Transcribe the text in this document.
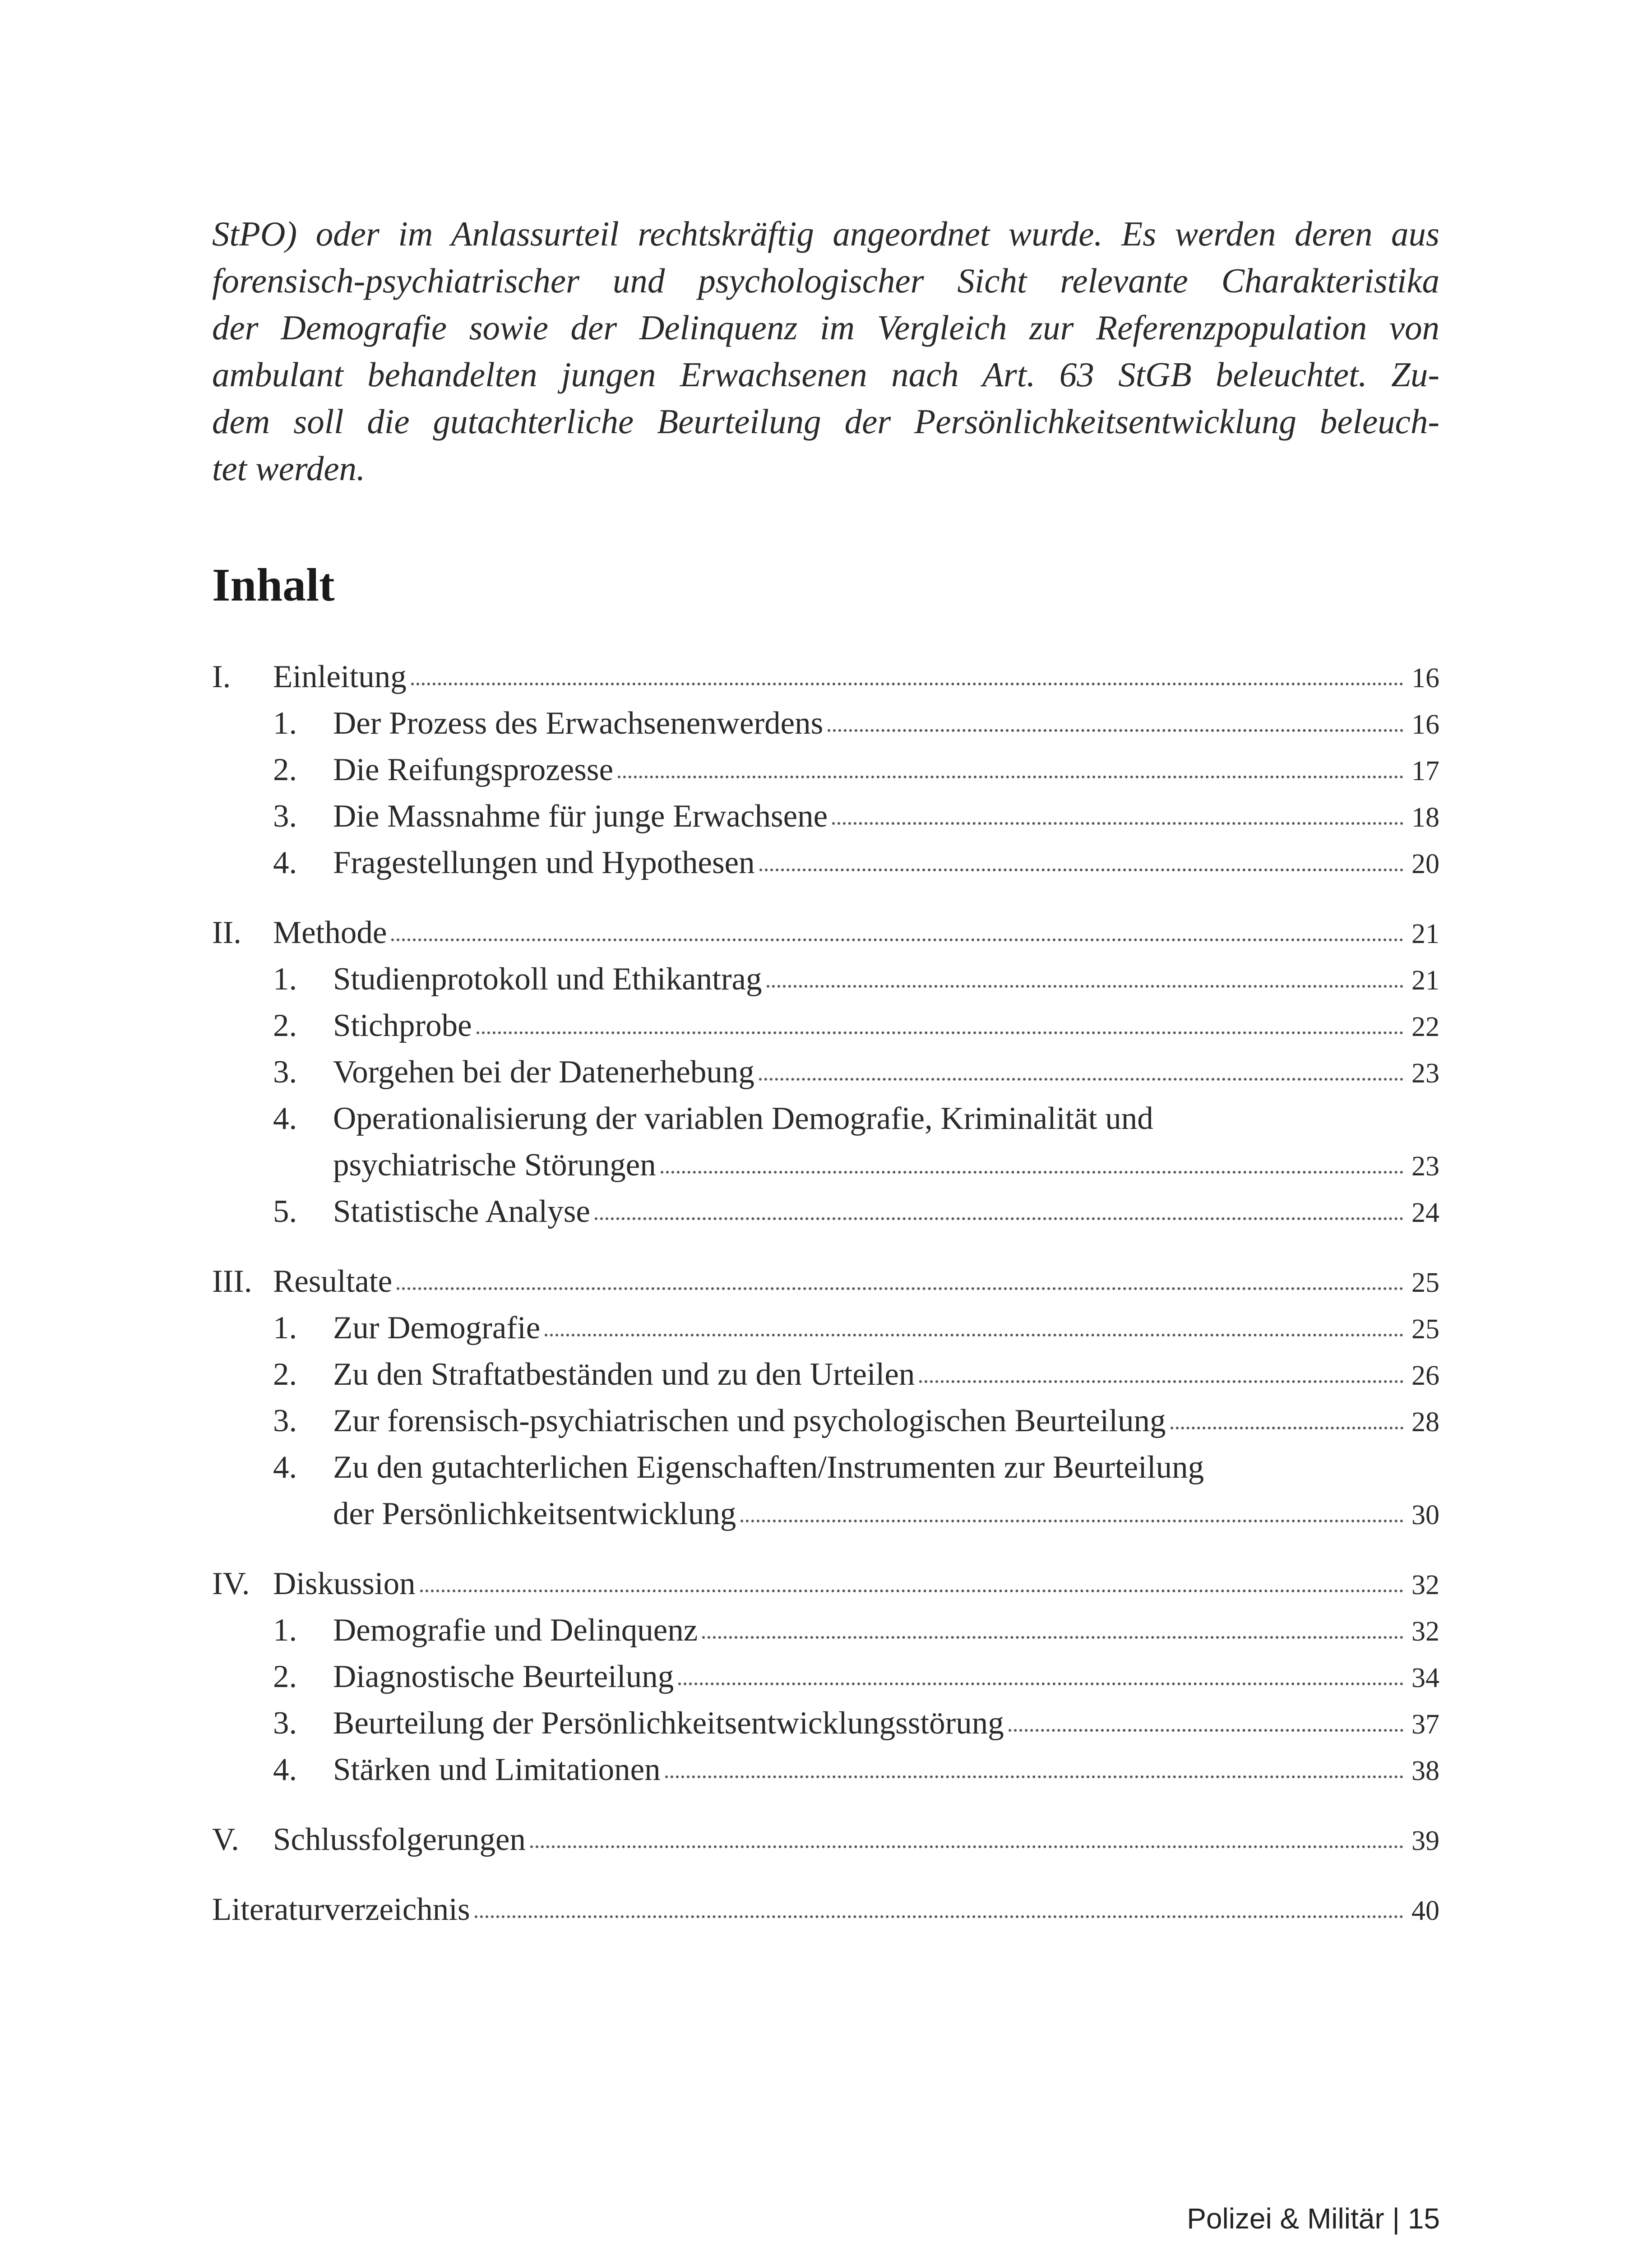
StPO) oder im Anlassurteil rechtskräftig angeordnet wurde. Es werden deren aus
forensisch-psychiatrischer und psychologischer Sicht relevante Charakteristika
der Demografie sowie der Delinquenz im Vergleich zur Referenzpopulation von
ambulant behandelten jungen Erwachsenen nach Art. 63 StGB beleuchtet. Zu-
dem soll die gutachterliche Beurteilung der Persönlichkeitsentwicklung beleuch-
tet werden.
Inhalt
I.	Einleitung	16
1.	Der Prozess des Erwachsenenwerdens	16
2.	Die Reifungsprozesse	17
3.	Die Massnahme für junge Erwachsene	18
4.	Fragestellungen und Hypothesen	20
II. Methode	21
1.	Studienprotokoll und Ethikantrag	21
2.	Stichprobe	22
3.	Vorgehen bei der Datenerhebung	23
4.	Operationalisierung der variablen Demografie, Kriminalität und
psychiatrische Störungen	23
5.	Statistische Analyse	24
III. Resultate	25
1.	Zur Demografie	25
2.	Zu den Straftatbeständen und zu den Urteilen	26
3.	Zur forensisch-psychiatrischen und psychologischen Beurteilung	28
4.	Zu den gutachterlichen Eigenschaften/Instrumenten zur Beurteilung
der Persönlichkeitsentwicklung	30
IV. Diskussion	32
1.	Demografie und Delinquenz	32
2.	Diagnostische Beurteilung	34
3.	Beurteilung der Persönlichkeitsentwicklungsstörung	37
4.	Stärken und Limitationen	38
V.	Schlussfolgerungen	39
Literaturverzeichnis	40
Polizei & Militär | 15
